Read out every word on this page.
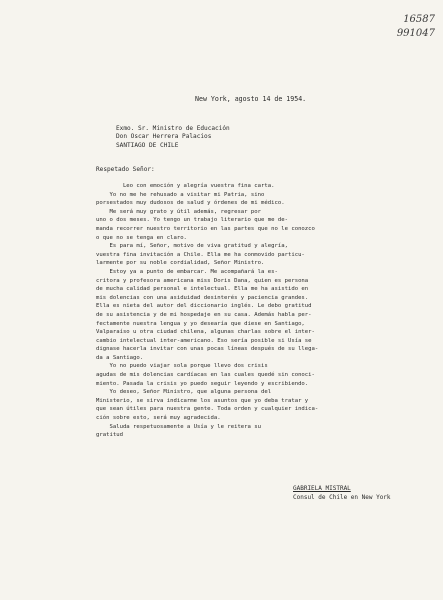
16587
991047
New York, agosto 14 de 1954.
Exmo. Sr. Ministro de Educación
Don Oscar Herrera Palacios
SANTIAGO DE CHILE
Respetado Señor:
Leo con emoción y alegría vuestra fina carta.
Yo no me he rehusado a visitar mi Patria, sino
porsestados muy dudosos de salud y órdenes de mi médico.
Me será muy grato y útil además, regresar por
uno o dos meses. Yo tengo un trabajo literario que me de-
manda recorrer nuestro territorio en las partes que no le conozco
o que no se tenga en claro.
Es para mí, Señor, motivo de viva gratitud y alegría,
vuestra fina invitación a Chile. Ella me ha conmovido particu-
larmente por su noble cordialidad, Señor Ministro.
Estoy ya a punto de embarcar. Me acompañará la es-
critora y profesora americana miss Doris Dana, quien es persona
de mucha calidad personal e intelectual. Ella me ha asistido en
mis dolencias con una asiduidad desinterés y paciencia grandes.
Ella es nieta del autor del diccionario inglés. Le debo gratitud
de su asistencia y de mi hospedaje en su casa. Además habla per-
fectamente nuestra lengua y yo desearía que diese en Santiago,
Valparaíso u otra ciudad chilena, algunas charlas sobre el inter-
cambio intelectual inter-americano. Eso sería posible si Usía se
dignase hacerla invitar con unas pocas líneas después de su llega-
da a Santiago.
Yo no puedo viajar sola porque llevo dos crisis
agudas de mis dolencias cardíacas en las cuales quedé sin conoci-
miento. Pasada la crisis yo puedo seguir leyendo y escribiendo.
Yo deseo, Señor Ministro, que alguna persona del
Ministerio, se sirva indicarme los asuntos que yo deba tratar y
que sean útiles para nuestra gente. Toda orden y cualquier indica-
ción sobre esto, será muy agradecida.
Saluda respetuosamente a Usía y le reitera su
gratitud
GABRIELA MISTRAL
Consul de Chile en New York
